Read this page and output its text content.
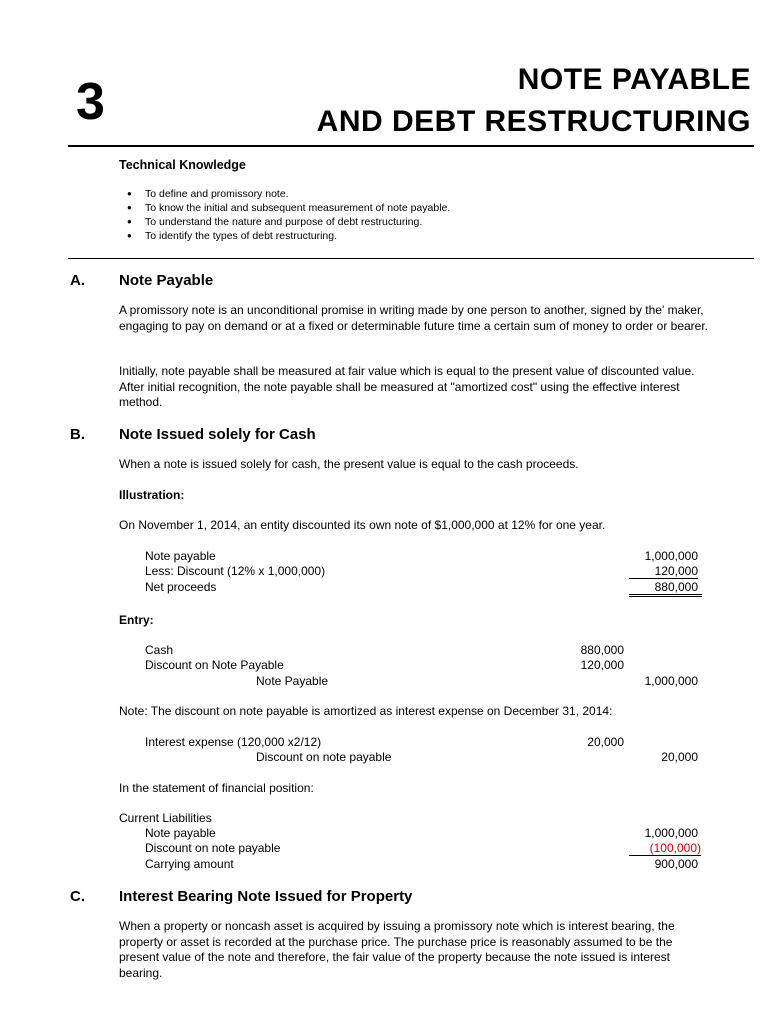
3	NOTE PAYABLE
AND DEBT RESTRUCTURING
Technical Knowledge
● To define and promissory note.
● To know the initial and subsequent measurement of note payable.
● To understand the nature and purpose of debt restructuring.
● To identify the types of debt restructuring.
A. Note Payable
A promissory note is an unconditional promise in writing made by one person to another, signed by the' maker, engaging to pay on demand or at a fixed or determinable future time a certain sum of money to order or bearer.
Initially, note payable shall be measured at fair value which is equal to the present value of discounted value. After initial recognition, the note payable shall be measured at "amortized cost" using the effective interest method.
B. Note Issued solely for Cash
When a note is issued solely for cash, the present value is equal to the cash proceeds.
Illustration:
On November 1, 2014, an entity discounted its own note of $1,000,000 at 12% for one year.
Note payable	1,000,000
Less: Discount (12% x 1,000,000)	120,000
Net proceeds	880,000
Entry:
Cash	880,000
Discount on Note Payable	120,000
Note Payable	1,000,000
Note: The discount on note payable is amortized as interest expense on December 31, 2014:
Interest expense (120,000 x2/12)	20,000
Discount on note payable	20,000
In the statement of financial position:
Current Liabilities
Note payable	1,000,000
Discount on note payable	(100,000)
Carrying amount	900,000
C. Interest Bearing Note Issued for Property
When a property or noncash asset is acquired by issuing a promissory note which is interest bearing, the property or asset is recorded at the purchase price. The purchase price is reasonably assumed to be the present value of the note and therefore, the fair value of the property because the note issued is interest bearing.
